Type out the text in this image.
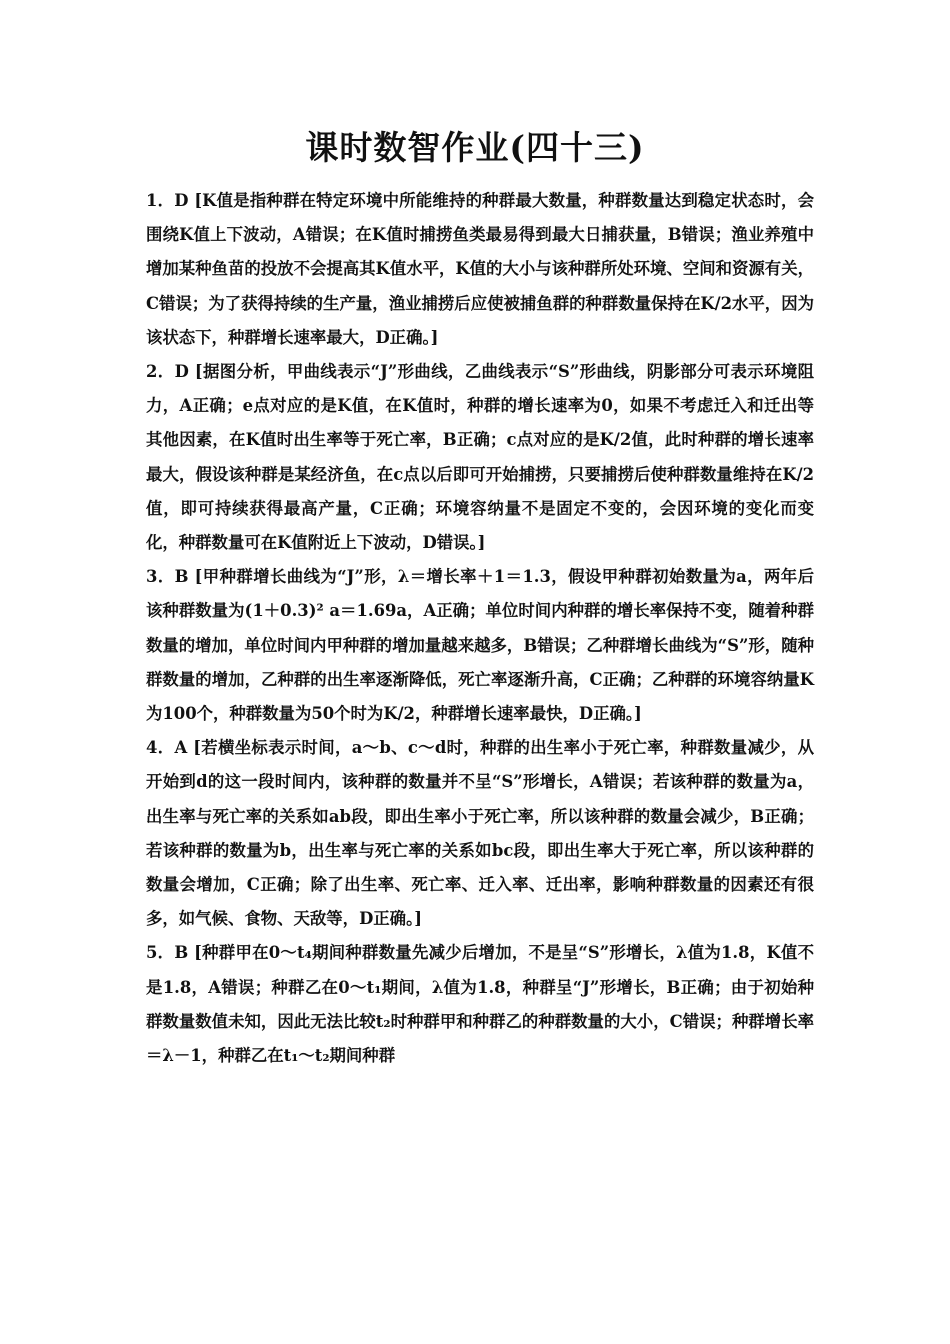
课时数智作业(四十三)

1．D [K值是指种群在特定环境中所能维持的种群最大数量，种群数量达到稳定状态时，会围绕K值上下波动，A错误；在K值时捕捞鱼类最易得到最大日捕获量，B错误；渔业养殖中增加某种鱼苗的投放不会提高其K值水平，K值的大小与该种群所处环境、空间和资源有关，C错误；为了获得持续的生产量，渔业捕捞后应使被捕鱼群的种群数量保持在K/2水平，因为该状态下，种群增长速率最大，D正确。]

2．D [据图分析，甲曲线表示“J”形曲线，乙曲线表示“S”形曲线，阴影部分可表示环境阻力，A正确；e点对应的是K值，在K值时，种群的增长速率为0，如果不考虑迁入和迁出等其他因素，在K值时出生率等于死亡率，B正确；c点对应的是K/2值，此时种群的增长速率最大，假设该种群是某经济鱼，在c点以后即可开始捕捞，只要捕捞后使种群数量维持在K/2值，即可持续获得最高产量，C正确；环境容纳量不是固定不变的，会因环境的变化而变化，种群数量可在K值附近上下波动，D错误。]

3．B [甲种群增长曲线为“J”形，λ＝增长率＋1＝1.3，假设甲种群初始数量为a，两年后该种群数量为(1＋0.3)² a＝1.69a，A正确；单位时间内种群的增长率保持不变，随着种群数量的增加，单位时间内甲种群的增加量越来越多，B错误；乙种群增长曲线为“S”形，随种群数量的增加，乙种群的出生率逐渐降低，死亡率逐渐升高，C正确；乙种群的环境容纳量K为100个，种群数量为50个时为K/2，种群增长速率最快，D正确。]

4．A [若横坐标表示时间，a～b、c～d时，种群的出生率小于死亡率，种群数量减少，从开始到d的这一段时间内，该种群的数量并不呈“S”形增长，A错误；若该种群的数量为a，出生率与死亡率的关系如ab段，即出生率小于死亡率，所以该种群的数量会减少，B正确；若该种群的数量为b，出生率与死亡率的关系如bc段，即出生率大于死亡率，所以该种群的数量会增加，C正确；除了出生率、死亡率、迁入率、迁出率，影响种群数量的因素还有很多，如气候、食物、天敌等，D正确。]

5．B [种群甲在0～t₄期间种群数量先减少后增加，不是呈“S”形增长，λ值为1.8，K值不是1.8，A错误；种群乙在0～t₁期间，λ值为1.8，种群呈“J”形增长，B正确；由于初始种群数量数值未知，因此无法比较t₂时种群甲和种群乙的种群数量的大小，C错误；种群增长率＝λ－1，种群乙在t₁～t₂期间种群
